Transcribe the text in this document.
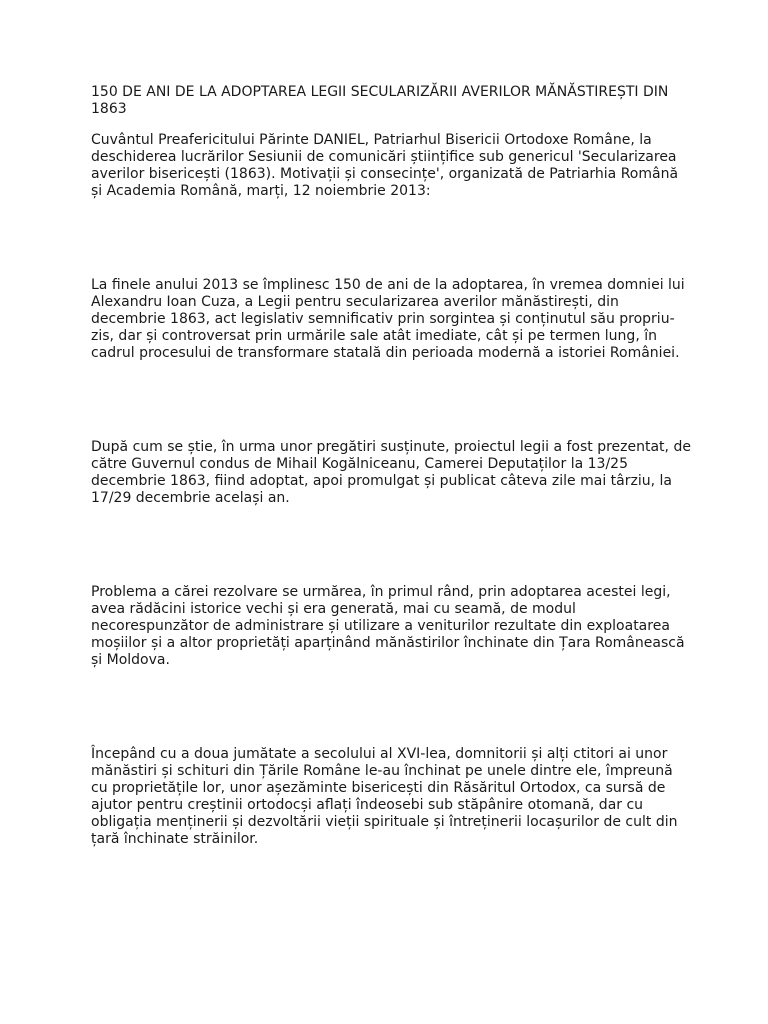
150 DE ANI DE LA ADOPTAREA LEGII SECULARIZĂRII AVERILOR MĂNĂSTIREȘTI DIN 1863

Cuvântul Preafericitului Părinte DANIEL, Patriarhul Bisericii Ortodoxe Române, la deschiderea lucrărilor Sesiunii de comunicări științifice sub genericul 'Secularizarea averilor bisericești (1863). Motivații și consecințe', organizată de Patriarhia Română și Academia Română, marți, 12 noiembrie 2013:

La finele anului 2013 se împlinesc 150 de ani de la adoptarea, în vremea domniei lui Alexandru Ioan Cuza, a Legii pentru secularizarea averilor mănăstirești, din decembrie 1863, act legislativ semnificativ prin sorgintea și conținutul său propriu-zis, dar și controversat prin urmările sale atât imediate, cât și pe termen lung, în cadrul procesului de transformare statală din perioada modernă a istoriei României.

După cum se știe, în urma unor pregătiri susținute, proiectul legii a fost prezentat, de către Guvernul condus de Mihail Kogălniceanu, Camerei Deputaților la 13/25 decembrie 1863, fiind adoptat, apoi promulgat și publicat câteva zile mai târziu, la 17/29 decembrie același an.

Problema a cărei rezolvare se urmărea, în primul rând, prin adoptarea acestei legi, avea rădăcini istorice vechi și era generată, mai cu seamă, de modul necorespunzător de administrare și utilizare a veniturilor rezultate din exploatarea moșiilor și a altor proprietăți aparținând mănăstirilor închinate din Țara Românească și Moldova.

Începând cu a doua jumătate a secolului al XVI‑lea, domnitorii și alți ctitori ai unor mănăstiri și schituri din Țările Române le-au închinat pe unele dintre ele, împreună cu proprietățile lor, unor așezăminte bisericești din Răsăritul Ortodox, ca sursă de ajutor pentru creștinii ortodocși aflați îndeosebi sub stăpânire otomană, dar cu obligația menținerii și dezvoltării vieții spirituale și întreținerii locașurilor de cult din țară închinate străinilor.
